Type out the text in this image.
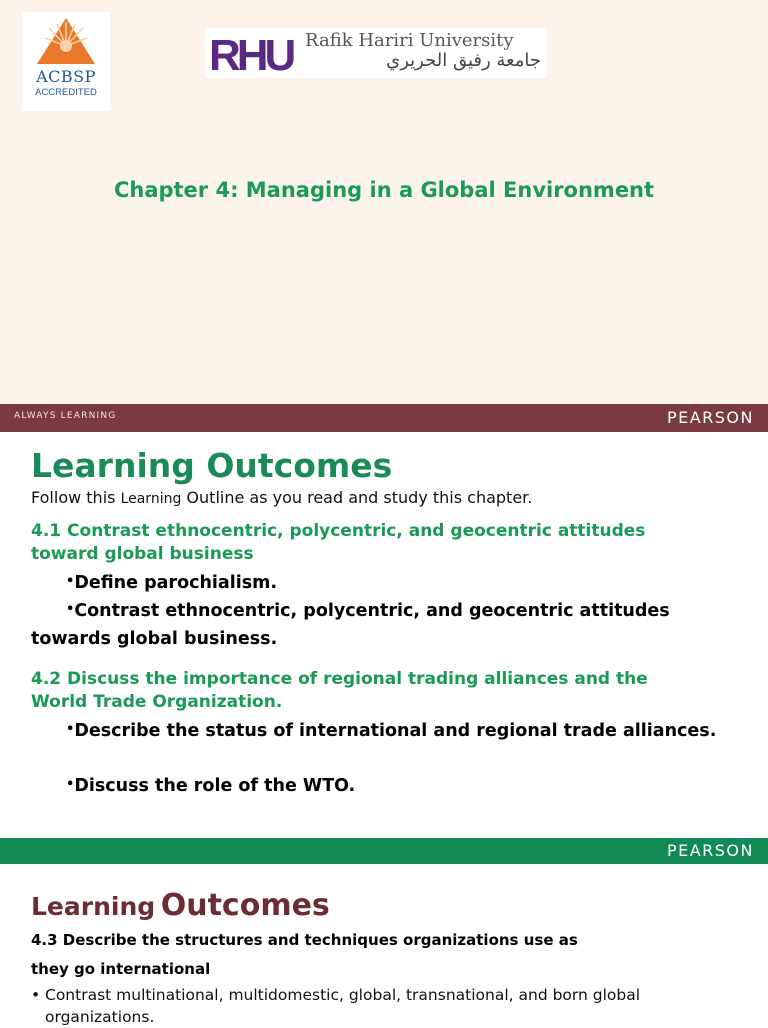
ACBSP
ACCREDITED
RHU Rafik Hariri University
جامعة رفيق الحريري
Chapter 4: Managing in a Global Environment
ALWAYS LEARNING	PEARSON
Learning Outcomes
Follow this Learning Outline as you read and study this chapter.
4.1 Contrast ethnocentric, polycentric, and geocentric attitudes toward global business
•Define parochialism.
•Contrast ethnocentric, polycentric, and geocentric attitudes towards global business.
4.2 Discuss the importance of regional trading alliances and the World Trade Organization.
•Describe the status of international and regional trade alliances.
•Discuss the role of the WTO.
PEARSON
Learning Outcomes
4.3 Describe the structures and techniques organizations use as they go international
• Contrast multinational, multidomestic, global, transnational, and born global organizations.
